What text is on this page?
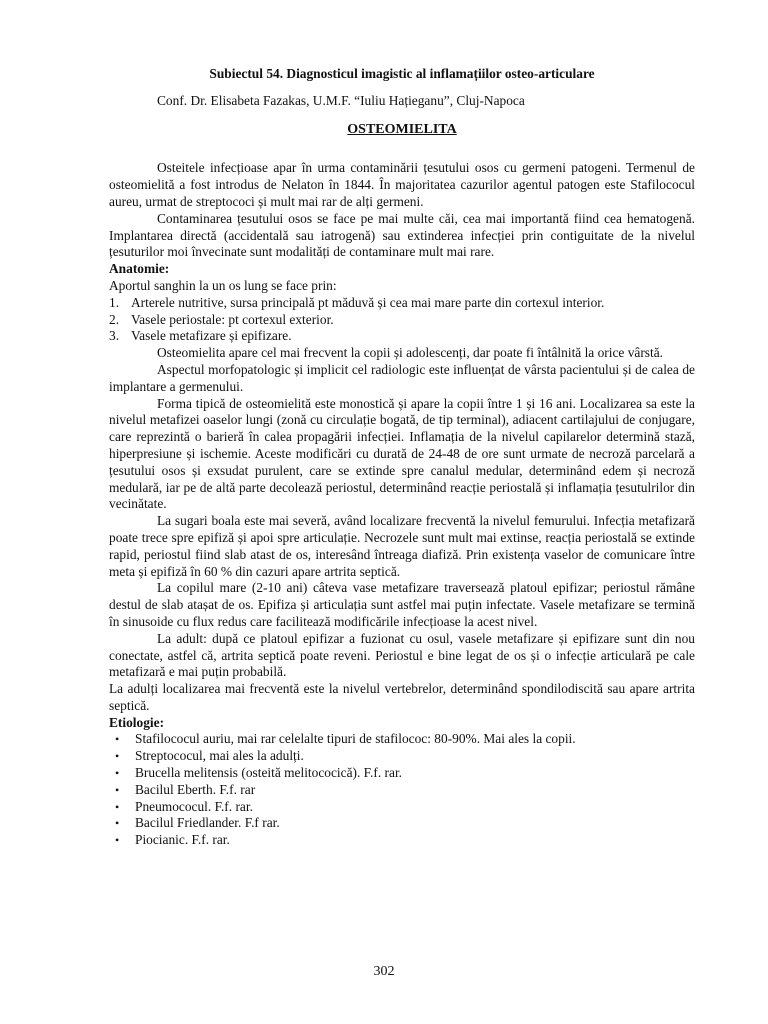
Subiectul 54. Diagnosticul imagistic al inflamațiilor osteo-articulare
Conf. Dr. Elisabeta Fazakas, U.M.F. “Iuliu Hațieganu”, Cluj-Napoca
OSTEOMIELITA

Osteitele infecțioase apar în urma contaminării țesutului osos cu germeni patogeni. Termenul de osteomielită a fost introdus de Nelaton în 1844. În majoritatea cazurilor agentul patogen este Stafilococul aureu, urmat de streptococi și mult mai rar de alți germeni.

Contaminarea țesutului osos se face pe mai multe căi, cea mai importantă fiind cea hematogenă. Implantarea directă (accidentală sau iatrogenă) sau extinderea infecției prin contiguitate de la nivelul țesuturilor moi învecinate sunt modalități de contaminare mult mai rare.

Anatomie:

Aportul sanghin la un os lung se face prin:

1. Arterele nutritive, sursa principală pt măduvă și cea mai mare parte din cortexul interior.
2. Vasele periostale: pt cortexul exterior.
3. Vasele metafizare și epifizare.

Osteomielita apare cel mai frecvent la copii și adolescenți, dar poate fi întâlnită la orice vârstă.

Aspectul morfopatologic și implicit cel radiologic este influențat de vârsta pacientului și de calea de implantare a germenului.

Forma tipică de osteomielită este monostică și apare la copii între 1 și 16 ani. Localizarea sa este la nivelul metafizei oaselor lungi (zonă cu circulație bogată, de tip terminal), adiacent cartilajului de conjugare, care reprezintă o barieră în calea propagării infecției. Inflamația de la nivelul capilarelor determină stază, hiperpresiune și ischemie. Aceste modificări cu durată de 24-48 de ore sunt urmate de necroză parcelară a țesutului osos și exsudat purulent, care se extinde spre canalul medular, determinând edem și necroză medulară, iar pe de altă parte decolează periostul, determinând reacție periostală și inflamația țesutulrilor din vecinătate.

La sugari boala este mai severă, având localizare frecventă la nivelul femurului. Infecția metafizară poate trece spre epifiză și apoi spre articulație. Necrozele sunt mult mai extinse, reacția periostală se extinde rapid, periostul fiind slab atast de os, interesând întreaga diafiză. Prin existența vaselor de comunicare între meta și epifiză în 60 % din cazuri apare artrita septică.

La copilul mare (2-10 ani) câteva vase metafizare traversează platoul epifizar; periostul rămâne destul de slab atașat de os. Epifiza și articulația sunt astfel mai puțin infectate. Vasele metafizare se termină în sinusoide cu flux redus care facilitează modificările infecțioase la acest nivel.

La adult: după ce platoul epifizar a fuzionat cu osul, vasele metafizare și epifizare sunt din nou conectate, astfel că, artrita septică poate reveni. Periostul e bine legat de os și o infecție articulară pe cale metafizară e mai puțin probabilă.

La adulți localizarea mai frecventă este la nivelul vertebrelor, determinând spondilodiscită sau apare artrita septică.

Etiologie:
• Stafilococul auriu, mai rar celelalte tipuri de stafilococ: 80-90%. Mai ales la copii.
• Streptococul, mai ales la adulți.
• Brucella melitensis (osteită melitococică). F.f. rar.
• Bacilul Eberth. F.f. rar
• Pneumococul. F.f. rar.
• Bacilul Friedlander. F.f rar.
• Piocianic. F.f. rar.
302
